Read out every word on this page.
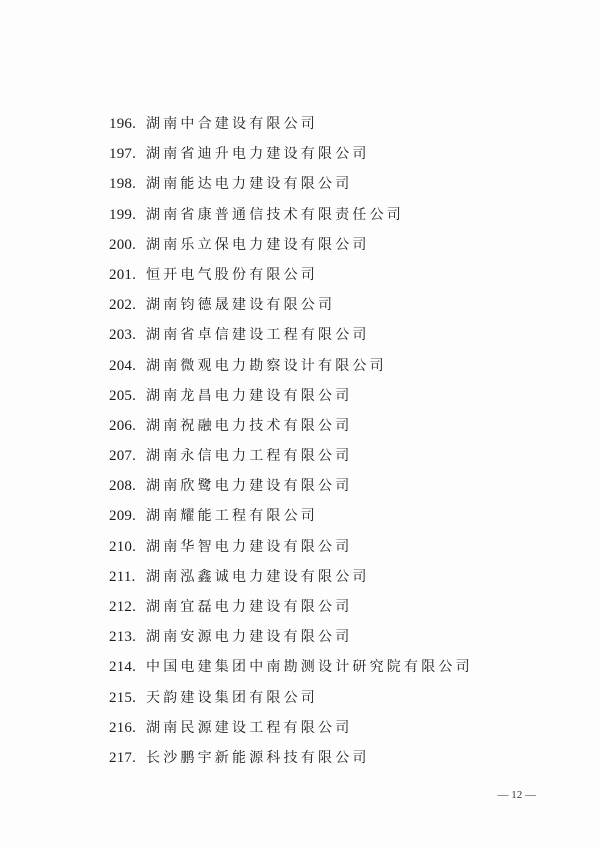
196. 湖南中合建设有限公司
197. 湖南省迪升电力建设有限公司
198. 湖南能达电力建设有限公司
199. 湖南省康普通信技术有限责任公司
200. 湖南乐立保电力建设有限公司
201. 恒开电气股份有限公司
202. 湖南钧德晟建设有限公司
203. 湖南省卓信建设工程有限公司
204. 湖南微观电力勘察设计有限公司
205. 湖南龙昌电力建设有限公司
206. 湖南祝融电力技术有限公司
207. 湖南永信电力工程有限公司
208. 湖南欣鹭电力建设有限公司
209. 湖南耀能工程有限公司
210. 湖南华智电力建设有限公司
211. 湖南泓鑫诚电力建设有限公司
212. 湖南宜磊电力建设有限公司
213. 湖南安源电力建设有限公司
214. 中国电建集团中南勘测设计研究院有限公司
215. 天韵建设集团有限公司
216. 湖南民源建设工程有限公司
217. 长沙鹏宇新能源科技有限公司
— 12 —
